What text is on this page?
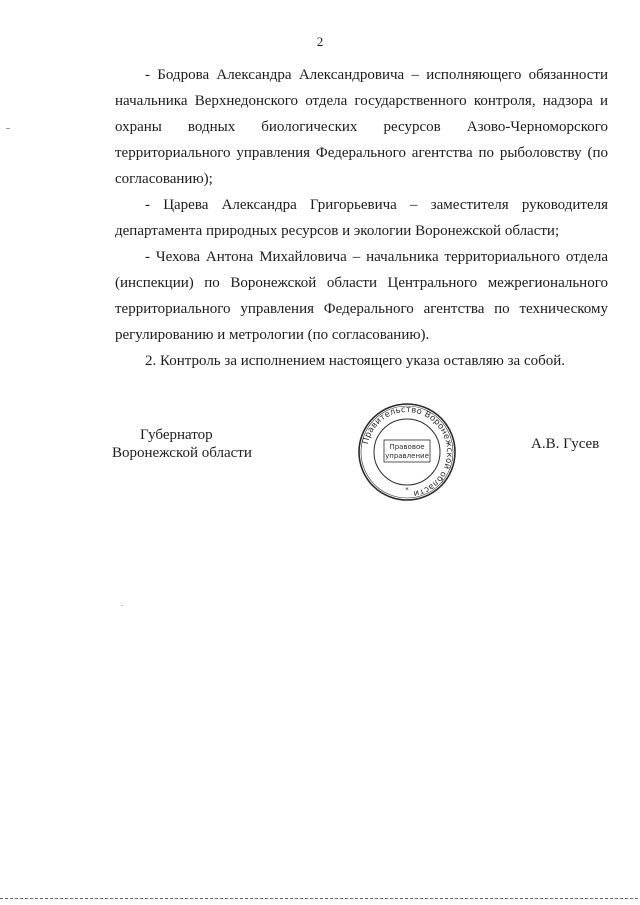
2

- Бодрова Александра Александровича – исполняющего обязанности начальника Верхнедонского отдела государственного контроля, надзора и охраны водных биологических ресурсов Азово-Черноморского территориального управления Федерального агентства по рыболовству (по согласованию);

- Царева Александра Григорьевича – заместителя руководителя департамента природных ресурсов и экологии Воронежской области;

- Чехова Антона Михайловича – начальника территориального отдела (инспекции) по Воронежской области Центрального межрегионального территориального управления Федерального агентства по техническому регулированию и метрологии (по согласованию).

2. Контроль за исполнением настоящего указа оставляю за собой.

Губернатор
Воронежской области
Правительство Воронежской области
Правовое
управление
*
А.В. Гусев
